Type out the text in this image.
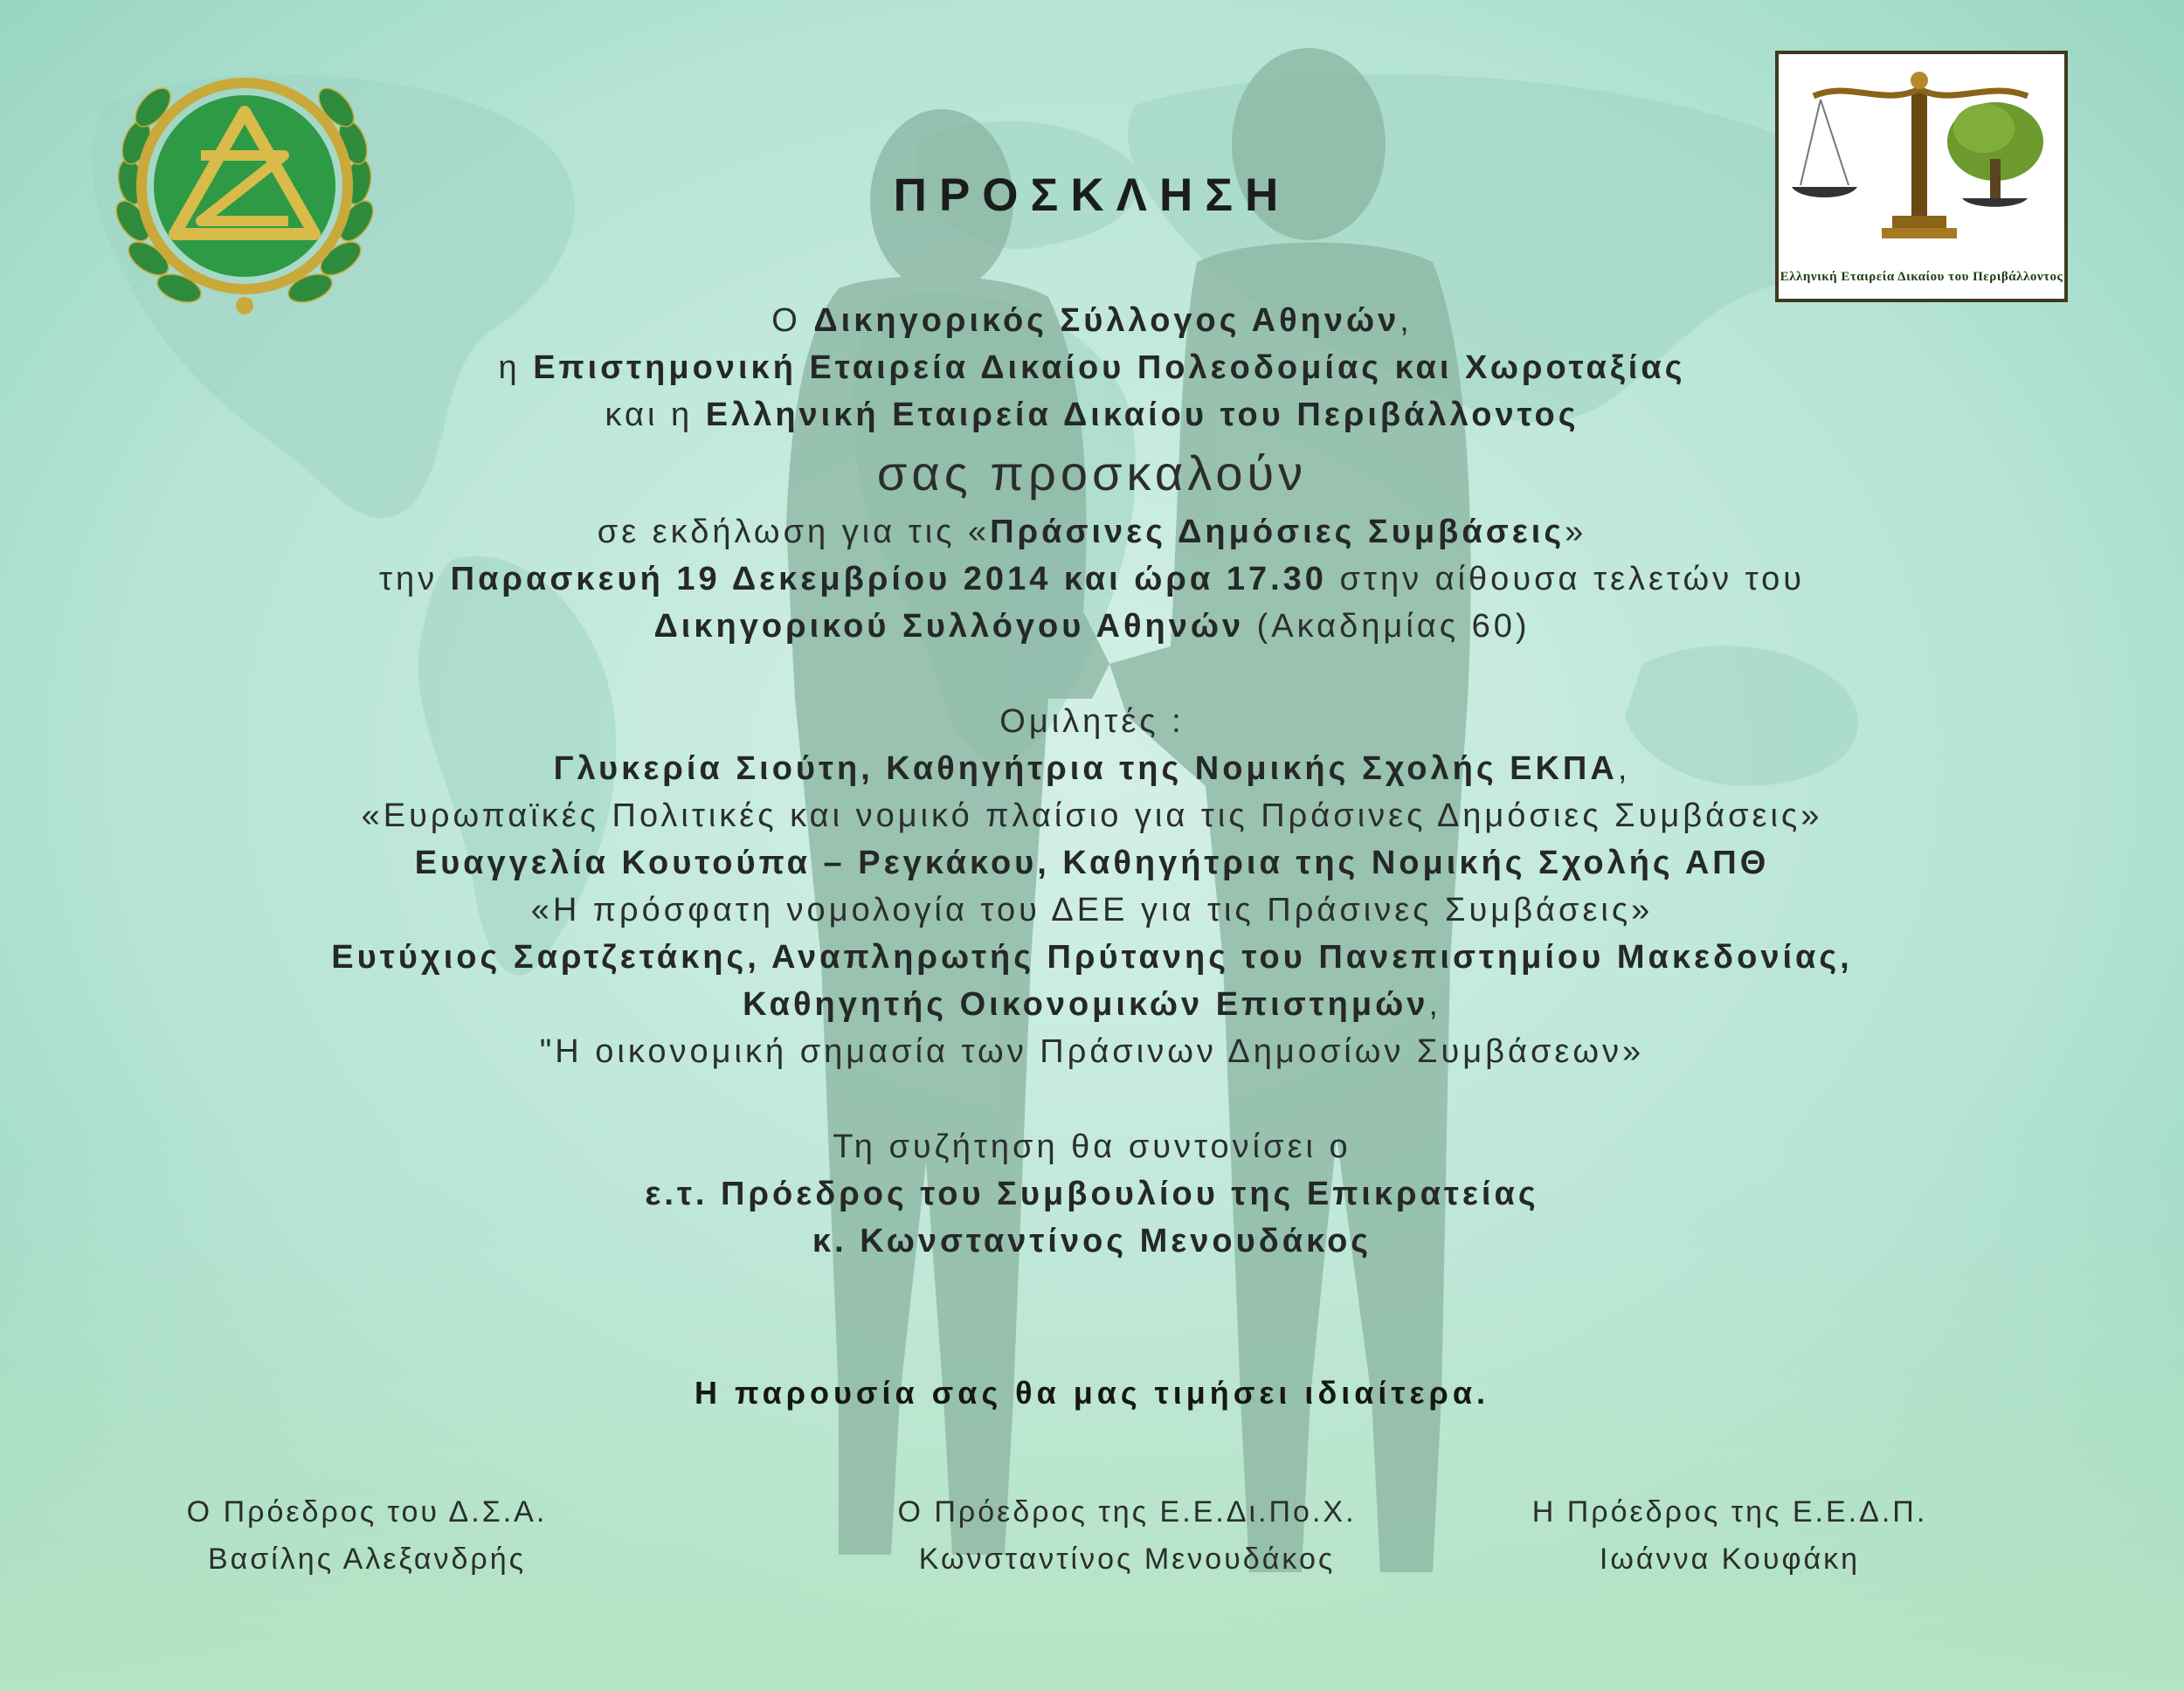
Ελληνική Εταιρεία Δικαίου του Περιβάλλοντος
ΠΡΟΣΚΛΗΣΗ
Ο Δικηγορικός Σύλλογος Αθηνών,
η Επιστημονική Εταιρεία Δικαίου Πολεοδομίας και Χωροταξίας
και η Ελληνική Εταιρεία Δικαίου του Περιβάλλοντος
σας προσκαλούν
σε εκδήλωση για τις «Πράσινες Δημόσιες Συμβάσεις»
την Παρασκευή 19 Δεκεμβρίου 2014 και ώρα 17.30 στην αίθουσα τελετών του
Δικηγορικού Συλλόγου Αθηνών (Ακαδημίας 60)
Ομιλητές :
Γλυκερία Σιούτη, Καθηγήτρια της Νομικής Σχολής ΕΚΠΑ,
«Ευρωπαϊκές Πολιτικές και νομικό πλαίσιο για τις Πράσινες Δημόσιες Συμβάσεις»
Ευαγγελία Κουτούπα – Ρεγκάκου, Καθηγήτρια της Νομικής Σχολής ΑΠΘ
«Η πρόσφατη νομολογία του ΔΕΕ για τις Πράσινες Συμβάσεις»
Ευτύχιος Σαρτζετάκης, Αναπληρωτής Πρύτανης του Πανεπιστημίου Μακεδονίας,
Καθηγητής Οικονομικών Επιστημών,
"Η οικονομική σημασία των Πράσινων Δημοσίων Συμβάσεων»
Τη συζήτηση θα συντονίσει ο
ε.τ. Πρόεδρος του Συμβουλίου της Επικρατείας
κ. Κωνσταντίνος Μενουδάκος
Η παρουσία σας θα μας τιμήσει ιδιαίτερα.
Ο Πρόεδρος του Δ.Σ.Α.
Βασίλης Αλεξανδρής
Ο Πρόεδρος της Ε.Ε.Δι.Πο.Χ.
Κωνσταντίνος Μενουδάκος
Η Πρόεδρος της Ε.Ε.Δ.Π.
Ιωάννα Κουφάκη
